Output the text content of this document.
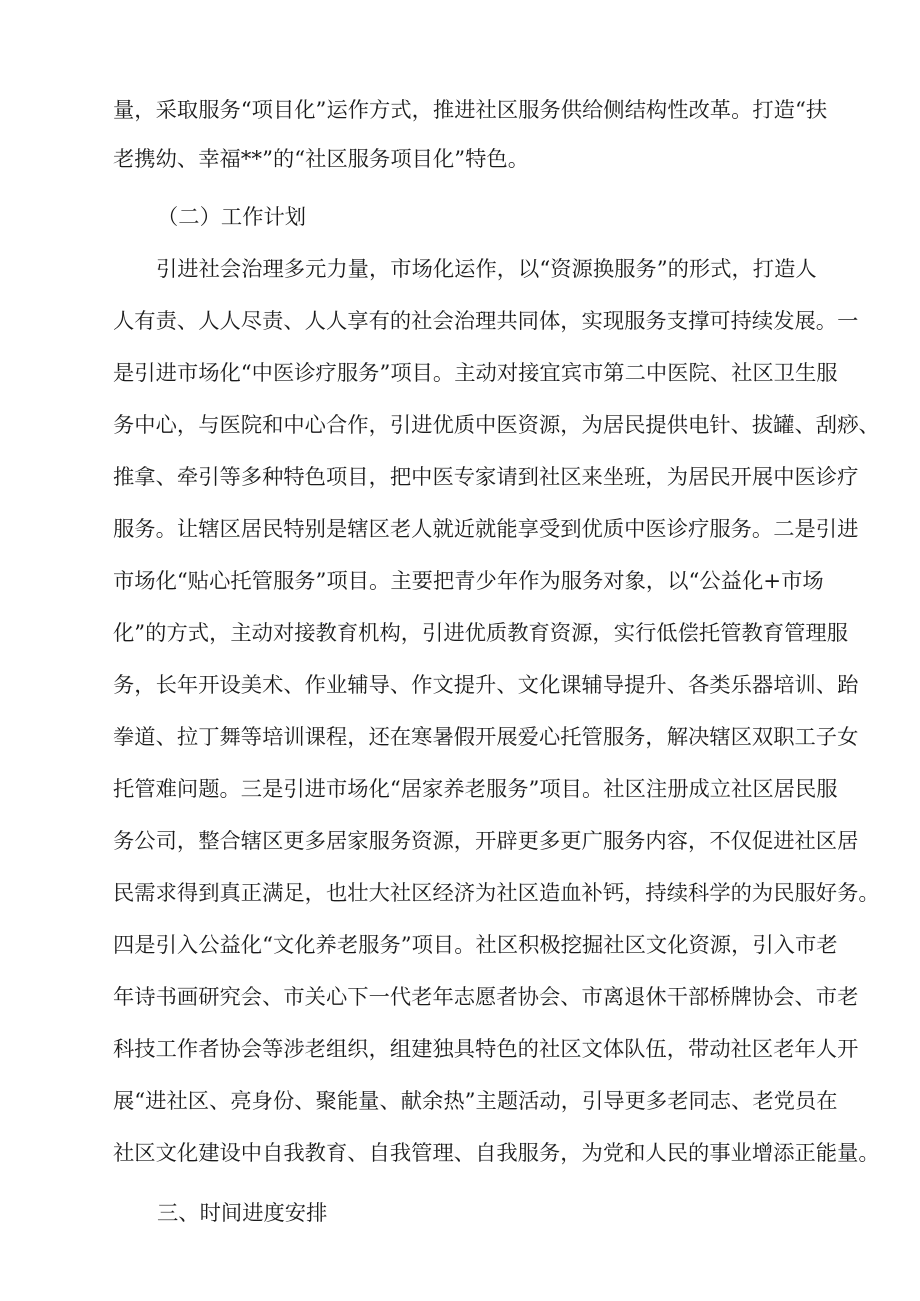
量，采取服务“项目化”运作方式，推进社区服务供给侧结构性改革。打造“扶
老携幼、幸福**”的“社区服务项目化”特色。
（二）工作计划
引进社会治理多元力量，市场化运作，以“资源换服务”的形式，打造人
人有责、人人尽责、人人享有的社会治理共同体，实现服务支撑可持续发展。一
是引进市场化“中医诊疗服务”项目。主动对接宜宾市第二中医院、社区卫生服
务中心，与医院和中心合作，引进优质中医资源，为居民提供电针、拔罐、刮痧、
推拿、牵引等多种特色项目，把中医专家请到社区来坐班，为居民开展中医诊疗
服务。让辖区居民特别是辖区老人就近就能享受到优质中医诊疗服务。二是引进
市场化“贴心托管服务”项目。主要把青少年作为服务对象，以“公益化+市场
化”的方式，主动对接教育机构，引进优质教育资源，实行低偿托管教育管理服
务，长年开设美术、作业辅导、作文提升、文化课辅导提升、各类乐器培训、跆
拳道、拉丁舞等培训课程，还在寒暑假开展爱心托管服务，解决辖区双职工子女
托管难问题。三是引进市场化“居家养老服务”项目。社区注册成立社区居民服
务公司，整合辖区更多居家服务资源，开辟更多更广服务内容，不仅促进社区居
民需求得到真正满足，也壮大社区经济为社区造血补钙，持续科学的为民服好务。
四是引入公益化“文化养老服务”项目。社区积极挖掘社区文化资源，引入市老
年诗书画研究会、市关心下一代老年志愿者协会、市离退休干部桥牌协会、市老
科技工作者协会等涉老组织，组建独具特色的社区文体队伍，带动社区老年人开
展“进社区、亮身份、聚能量、献余热”主题活动，引导更多老同志、老党员在
社区文化建设中自我教育、自我管理、自我服务，为党和人民的事业增添正能量。
三、时间进度安排
